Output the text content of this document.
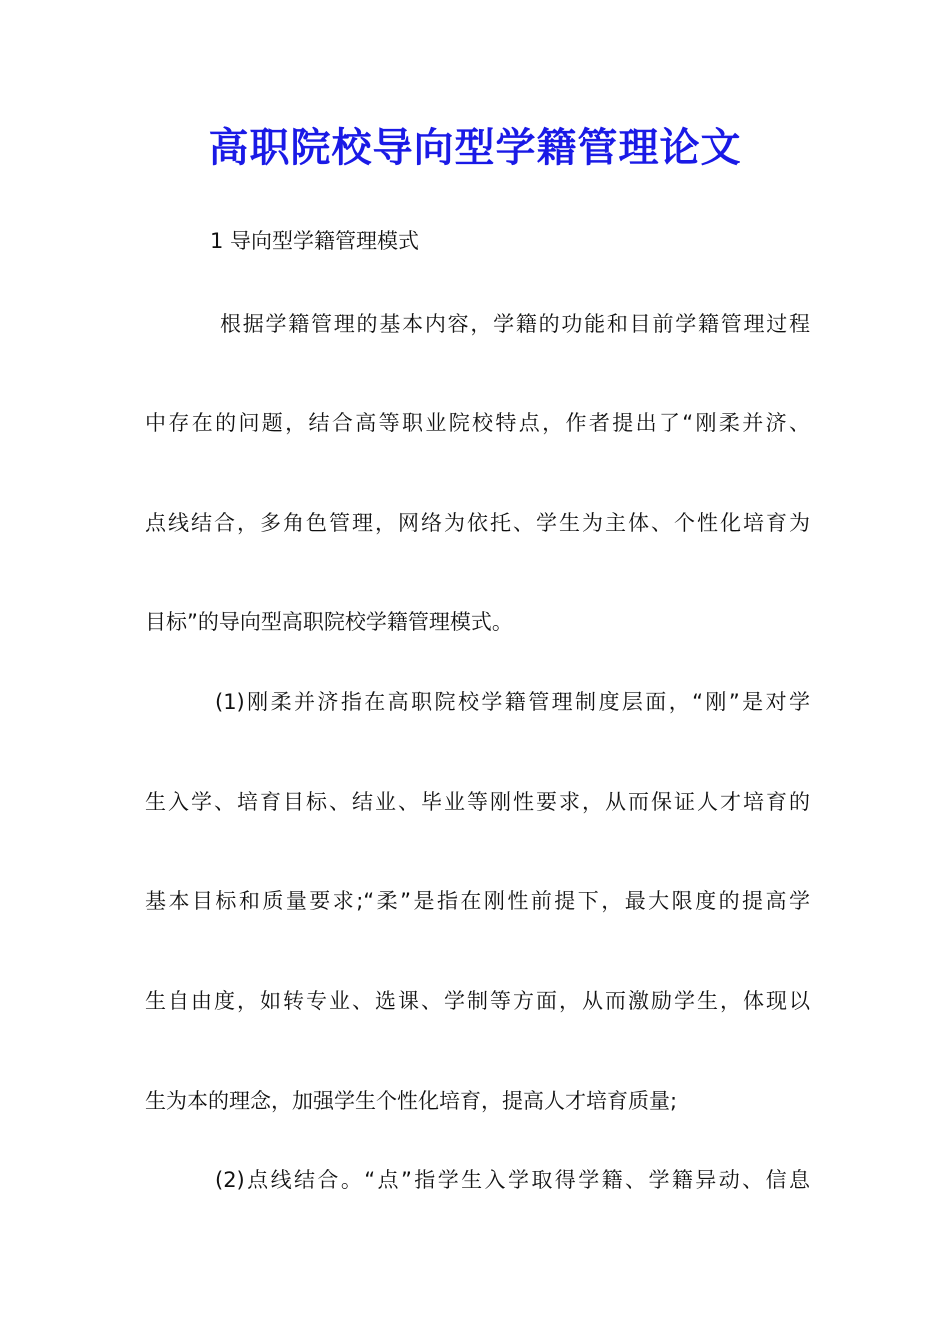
高职院校导向型学籍管理论文

1 导向型学籍管理模式

根据学籍管理的基本内容，学籍的功能和目前学籍管理过程

中存在的问题，结合高等职业院校特点，作者提出了“刚柔并济、

点线结合，多角色管理，网络为依托、学生为主体、个性化培育为

目标”的导向型高职院校学籍管理模式。

(1)刚柔并济指在高职院校学籍管理制度层面，“刚”是对学

生入学、培育目标、结业、毕业等刚性要求，从而保证人才培育的

基本目标和质量要求;“柔”是指在刚性前提下，最大限度的提高学

生自由度，如转专业、选课、学制等方面，从而激励学生，体现以

生为本的理念，加强学生个性化培育，提高人才培育质量;

(2)点线结合。“点”指学生入学取得学籍、学籍异动、信息
